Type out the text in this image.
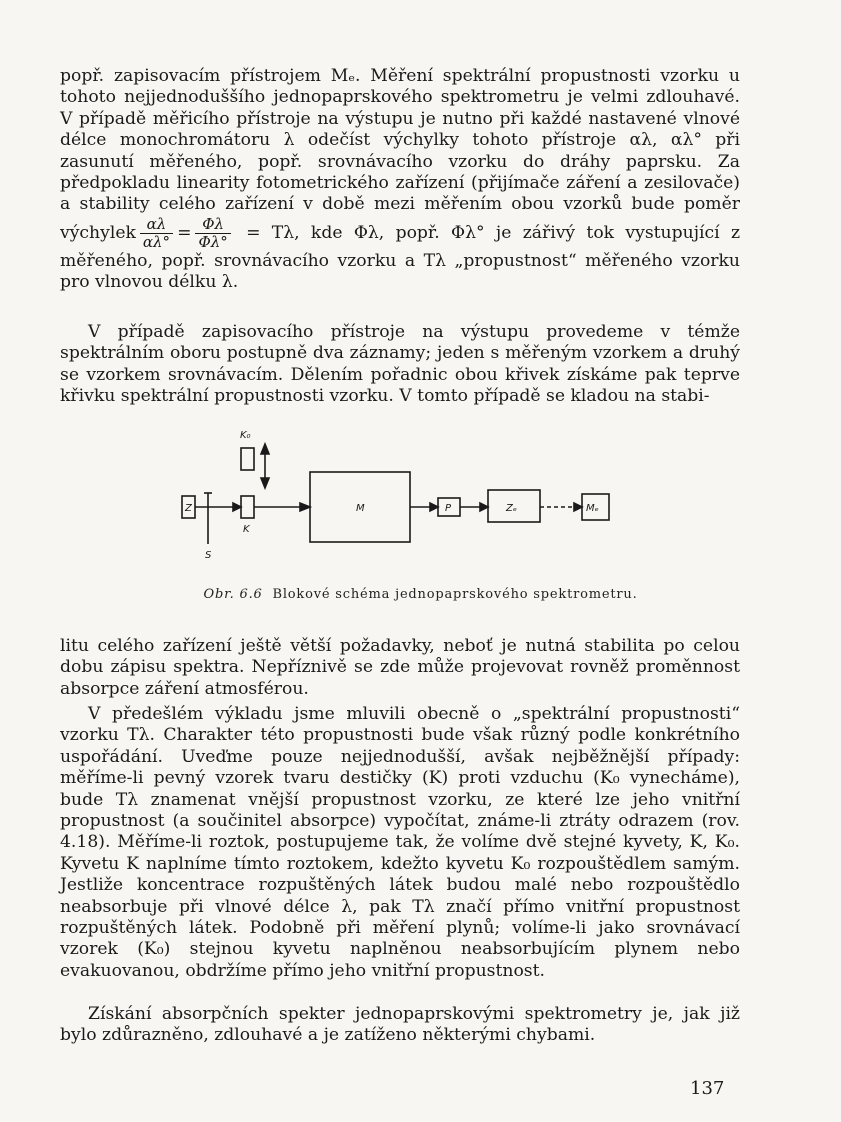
popř. zapisovacím přístrojem Mₑ. Měření spektrální propustnosti vzorku u tohoto nejjednoduššího jednopaprskového spektrometru je velmi zdlouhavé. V případě měřicího přístroje na výstupu je nutno při každé nastavené vlnové délce monochromátoru λ odečíst výchylky tohoto přístroje αλ, αλ° při zasunutí měřeného, popř. srovnávacího vzorku do dráhy paprsku. Za předpokladu linearity fotometrického zařízení (přijímače záření a zesilovače) a stability celého zařízení v době mezi měřením obou vzorků bude poměr výchylek $\frac{\alpha\lambda}{\alpha\lambda^\circ} = \frac{\Phi\lambda}{\Phi\lambda^\circ} = T\lambda$, kde Φλ, popř. Φλ° je zářivý tok vystupující z měřeného, popř. srovnávacího vzorku a Tλ „propustnost“ měřeného vzorku pro vlnovou délku λ.

V případě zapisovacího přístroje na výstupu provedeme v témže spektrálním oboru postupně dva záznamy; jeden s měřeným vzorkem a druhý se vzorkem srovnávacím. Dělením pořadnic obou křivek získáme pak teprve křivku spektrální propustnosti vzorku. V tomto případě se kladou na stabi-

K₀
Z
K
S
M	P	Zₑ	Mₑ
Obr. 6.6 Blokové schéma jednopaprskového spektrometru.

litu celého zařízení ještě větší požadavky, neboť je nutná stabilita po celou dobu zápisu spektra. Nepříznivě se zde může projevovat rovněž proměnnost absorpce záření atmosférou.

V předešlém výkladu jsme mluvili obecně o „spektrální propustnosti“ vzorku Tλ. Charakter této propustnosti bude však různý podle konkrétního uspořádání. Uveďme pouze nejjednodušší, avšak nejběžnější případy: měříme-li pevný vzorek tvaru destičky (K) proti vzduchu (K₀ vynecháme), bude Tλ znamenat vnější propustnost vzorku, ze které lze jeho vnitřní propustnost (a součinitel absorpce) vypočítat, známe-li ztráty odrazem (rov. 4.18). Měříme-li roztok, postupujeme tak, že volíme dvě stejné kyvety, K, K₀. Kyvetu K naplníme tímto roztokem, kdežto kyvetu K₀ rozpouštědlem samým. Jestliže koncentrace rozpuštěných látek budou malé nebo rozpouštědlo neabsorbuje při vlnové délce λ, pak Tλ značí přímo vnitřní propustnost rozpuštěných látek. Podobně při měření plynů; volíme-li jako srovnávací vzorek (K₀) stejnou kyvetu naplněnou neabsorbujícím plynem nebo evakuovanou, obdržíme přímo jeho vnitřní propustnost.

Získání absorpčních spekter jednopaprskovými spektrometry je, jak již bylo zdůrazněno, zdlouhavé a je zatíženo některými chybami.

137
